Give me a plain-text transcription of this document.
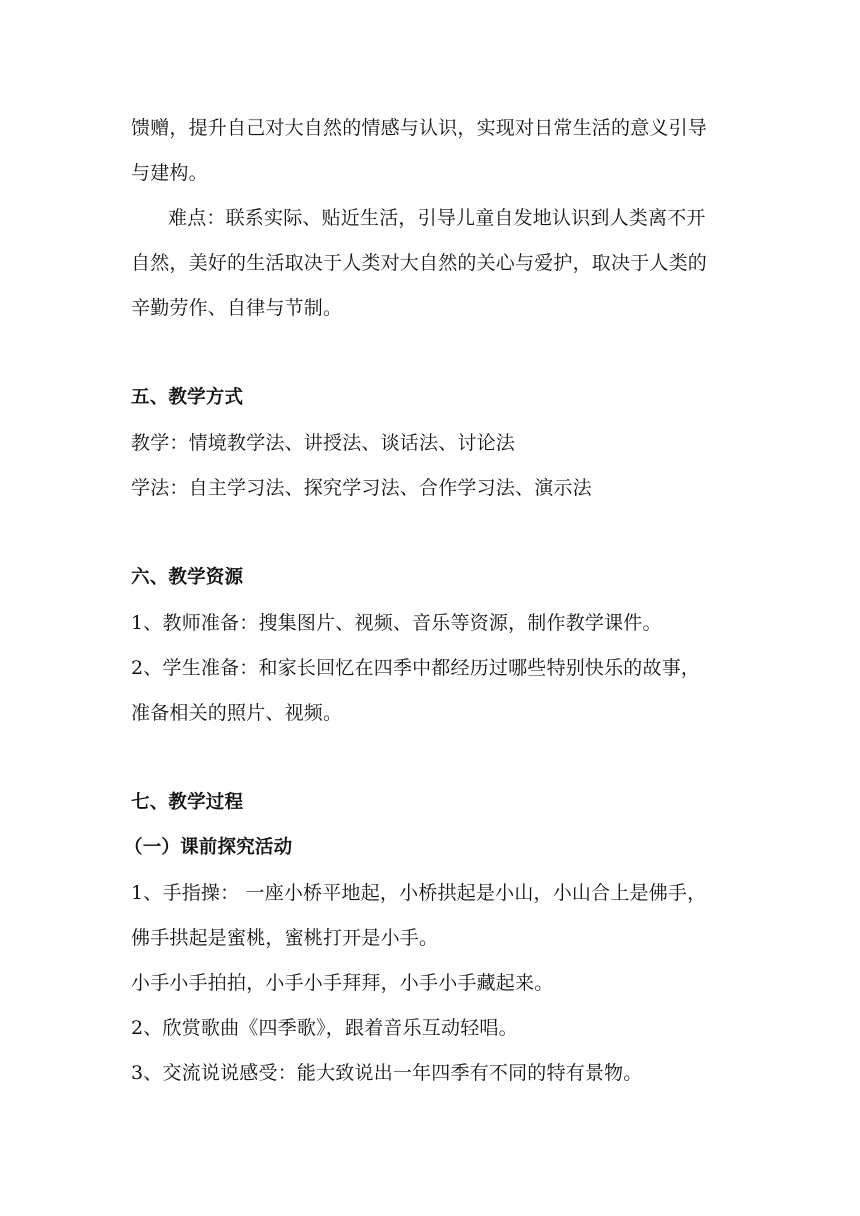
馈赠，提升自己对大自然的情感与认识，实现对日常生活的意义引导
与建构。
难点：联系实际、贴近生活，引导儿童自发地认识到人类离不开
自然，美好的生活取决于人类对大自然的关心与爱护，取决于人类的
辛勤劳作、自律与节制。
五、教学方式
教学：情境教学法、讲授法、谈话法、讨论法
学法：自主学习法、探究学习法、合作学习法、演示法
六、教学资源
1、教师准备：搜集图片、视频、音乐等资源，制作教学课件。
2、学生准备：和家长回忆在四季中都经历过哪些特别快乐的故事，
准备相关的照片、视频。
七、教学过程
（一）课前探究活动
1、手指操： 一座小桥平地起，小桥拱起是小山，小山合上是佛手，
佛手拱起是蜜桃，蜜桃打开是小手。
小手小手拍拍，小手小手拜拜，小手小手藏起来。
2、欣赏歌曲《四季歌》，跟着音乐互动轻唱。
3、交流说说感受：能大致说出一年四季有不同的特有景物。
